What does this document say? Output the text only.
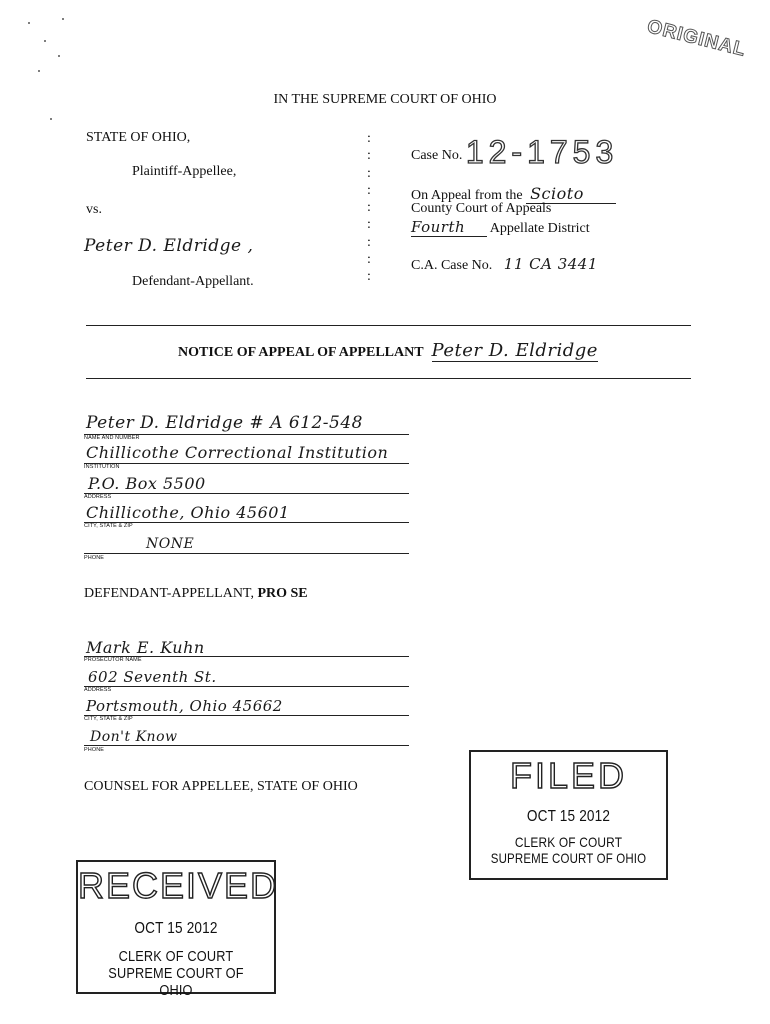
ORIGINAL
IN THE SUPREME COURT OF OHIO
STATE OF OHIO,
Plaintiff-Appellee,
vs.
Peter D. Eldridge ,
Defendant-Appellant.
:
:
:
:
:
:
:
:
:
Case No. 12-1753
On Appeal from the Scioto
County Court of Appeals
Fourth Appellate District
C.A. Case No. 11 CA 3441
NOTICE OF APPEAL OF APPELLANT Peter D. Eldridge
Peter D. Eldridge # A 612-548
NAME AND NUMBER
Chillicothe Correctional Institution
INSTITUTION
P.O. Box 5500
ADDRESS
Chillicothe, Ohio 45601
CITY, STATE & ZIP
NONE
PHONE
DEFENDANT-APPELLANT, PRO SE
Mark E. Kuhn
PROSECUTOR NAME
602 Seventh St.
ADDRESS
Portsmouth, Ohio 45662
CITY, STATE & ZIP
Don't Know
PHONE
COUNSEL FOR APPELLEE, STATE OF OHIO	FILED
OCT 15 2012
CLERK OF COURT
SUPREME COURT OF OHIO
RECEIVED
OCT 15 2012
CLERK OF COURT
SUPREME COURT OF OHIO
